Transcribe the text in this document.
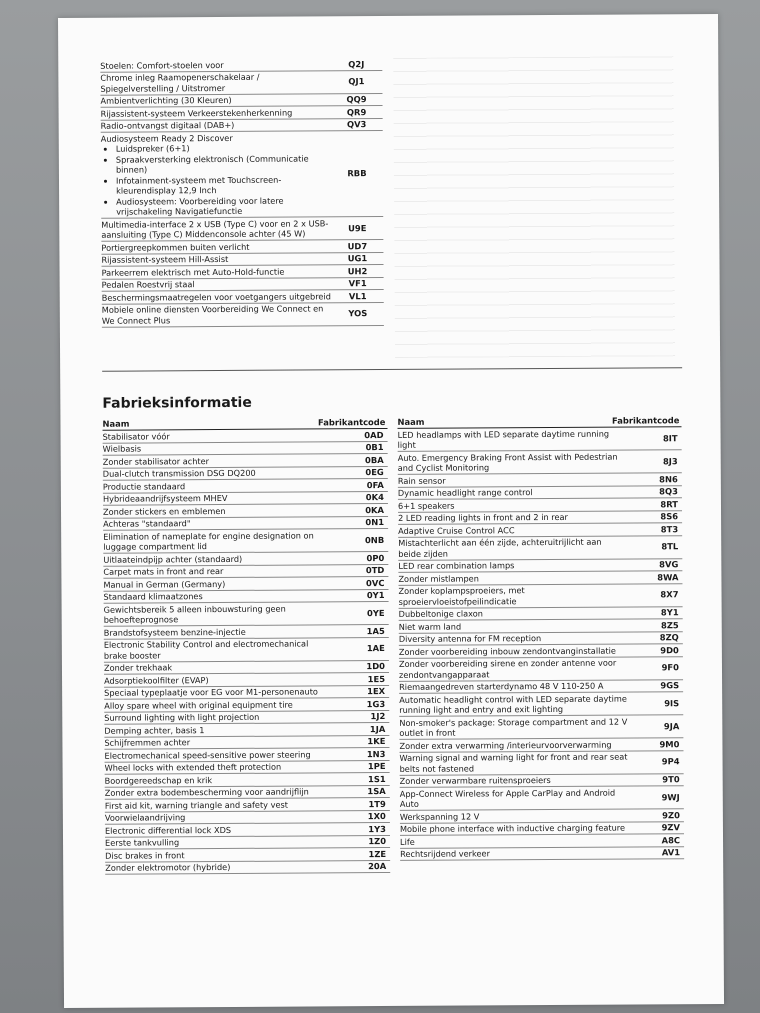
Stoelen: Comfort-stoelen voor	Q2J
Chrome inleg Raamopenerschakelaar / Spiegelverstelling / Uitstromer
QJ1
Ambientverlichting (30 Kleuren)	QQ9
Rijassistent-systeem Verkeerstekenherkenning	QR9
Radio-ontvangst digitaal (DAB+)	QV3
Audiosysteem Ready 2 Discover
• Luidspreker (6+1)
• Spraakversterking elektronisch (Communicatie binnen)
• Infotainment-systeem met Touchscreen-kleurendisplay 12,9 Inch
• Audiosysteem: Voorbereiding voor latere vrijschakeling Navigatiefunctie
RBB
Multimedia-interface 2 x USB (Type C) voor en 2 x USB-aansluiting (Type C) Middenconsole achter (45 W)
U9E
Portiergreepkommen buiten verlicht	UD7
Rijassistent-systeem Hill-Assist	UG1
Parkeerrem elektrisch met Auto-Hold-functie	UH2
Pedalen Roestvrij staal	VF1
Beschermingsmaatregelen voor voetgangers uitgebreid	VL1
Mobiele online diensten Voorbereiding We Connect en We Connect Plus
YOS
Fabrieksinformatie
Naam	Fabrikantcode
Stabilisator vóór	0AD
Wielbasis	0B1
Zonder stabilisator achter	0BA
Dual-clutch transmission DSG DQ200	0EG
Productie standaard	0FA
Hybrideaandrijfsysteem MHEV	0K4
Zonder stickers en emblemen	0KA
Achteras "standaard"	0N1
Elimination of nameplate for engine designation on luggage compartment lid
0NB
Uitlaateindpijp achter (standaard)	0P0
Carpet mats in front and rear	0TD
Manual in German (Germany)	0VC
Standaard klimaatzones	0Y1
Gewichtsbereik 5 alleen inbouwsturing geen behoefteprognose
0YE
Brandstofsysteem benzine-injectie	1A5
Electronic Stability Control and electromechanical brake booster
1AE
Zonder trekhaak	1D0
Adsorptiekoolfilter (EVAP)	1E5
Speciaal typeplaatje voor EG voor M1-personenauto	1EX
Alloy spare wheel with original equipment tire	1G3
Surround lighting with light projection	1J2
Demping achter, basis 1	1JA
Schijfremmen achter	1KE
Electromechanical speed-sensitive power steering	1N3
Wheel locks with extended theft protection	1PE
Boordgereedschap en krik	1S1
Zonder extra bodembescherming voor aandrijflijn	1SA
First aid kit, warning triangle and safety vest	1T9
Voorwielaandrijving	1X0
Electronic differential lock XDS	1Y3
Eerste tankvulling	1Z0
Disc brakes in front	1ZE
Zonder elektromotor (hybride)	20A
Naam	Fabrikantcode
LED headlamps with LED separate daytime running light
8IT
Auto. Emergency Braking Front Assist with Pedestrian and Cyclist Monitoring
8J3
Rain sensor	8N6
Dynamic headlight range control	8Q3
6+1 speakers	8RT
2 LED reading lights in front and 2 in rear	8S6
Adaptive Cruise Control ACC	8T3
Mistachterlicht aan één zijde, achteruitrijlicht aan beide zijden
8TL
LED rear combination lamps	8VG
Zonder mistlampen	8WA
Zonder koplampsproeiers, met sproeiervloeistofpeilindicatie
8X7
Dubbeltonige claxon	8Y1
Niet warm land	8Z5
Diversity antenna for FM reception	8ZQ
Zonder voorbereiding inbouw zendontvanginstallatie	9D0
Zonder voorbereiding sirene en zonder antenne voor zendontvangapparaat
9F0
Riemaangedreven starterdynamo 48 V 110-250 A	9GS
Automatic headlight control with LED separate daytime running light and entry and exit lighting
9IS
Non-smoker's package: Storage compartment and 12 V outlet in front
9JA
Zonder extra verwarming /interieurvoorverwarming	9M0
Warning signal and warning light for front and rear seat belts not fastened
9P4
Zonder verwarmbare ruitensproeiers	9T0
App-Connect Wireless for Apple CarPlay and Android Auto
9WJ
Werkspanning 12 V	9Z0
Mobile phone interface with inductive charging feature	9ZV
Life	A8C
Rechtsrijdend verkeer	AV1
